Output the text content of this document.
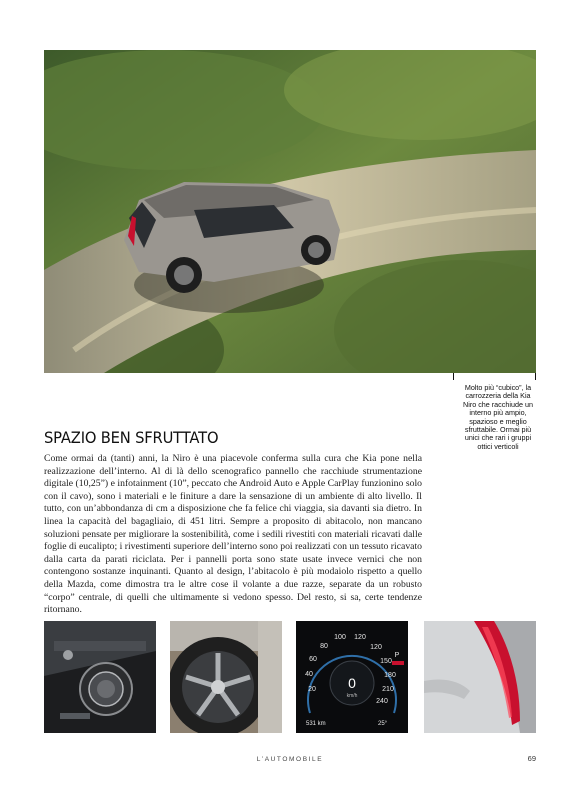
Molto più “cubico”, la carrozzeria della Kia Niro che racchiude un interno più ampio, spazioso e meglio sfruttabile. Ormai più unici che rari i gruppi ottici verticoli
SPAZIO BEN SFRUTTATO

Come ormai da (tanti) anni, la Niro è una piacevole conferma sulla cura che Kia pone nella realizzazione dell’interno. Al di là dello scenografico pannello che racchiude strumentazione digitale (10,25”) e infotainment (10”, peccato che Android Auto e Apple CarPlay funzionino solo con il cavo), sono i materiali e le finiture a dare la sensazione di un ambiente di alto livello. Il tutto, con un’abbondanza di cm a disposizione che fa felice chi viaggia, sia davanti sia dietro. In linea la capacità del bagagliaio, di 451 litri. Sempre a proposito di abitacolo, non mancano soluzioni pensate per migliorare la sostenibilità, come i sedili rivestiti con materiali ricavati dalle foglie di eucalipto; i rivestimenti superiore dell’interno sono poi realizzati con un tessuto ricavato dalla carta da parati riciclata. Per i pannelli porta sono state usate invece vernici che non contengono sostanze inquinanti. Quanto al design, l’abitacolo è più modaiolo rispetto a quello della Mazda, come dimostra tra le altre cose il volante a due razze, separate da un robusto “corpo” centrale, di quelli che ultimamente si vedono spesso. Del resto, si sa, certe tendenze ritornano.

20
40
60
80
100 120
120
150
180
210
240
0
km/h
P
531 km	25°
L’AUTOMOBILE	69
